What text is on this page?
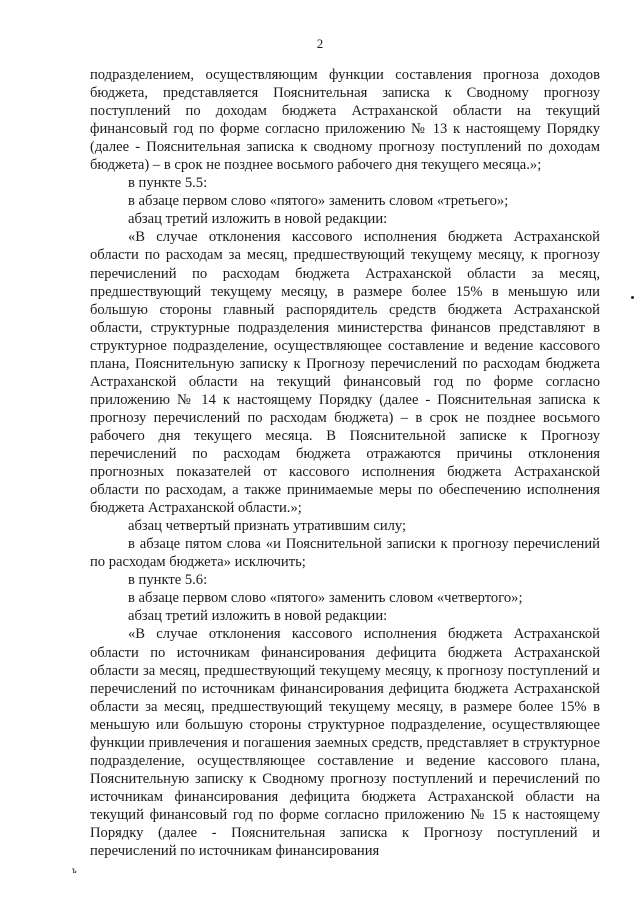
2

подразделением, осуществляющим функции составления прогноза доходов бюджета, представляется Пояснительная записка к Сводному прогнозу поступлений по доходам бюджета Астраханской области на текущий финансовый год по форме согласно приложению № 13 к настоящему Порядку (далее - Пояснительная записка к сводному прогнозу поступлений по доходам бюджета) – в срок не позднее восьмого рабочего дня текущего месяца.»;

в пункте 5.5:

в абзаце первом слово «пятого» заменить словом «третьего»;

абзац третий изложить в новой редакции:

«В случае отклонения кассового исполнения бюджета Астраханской области по расходам за месяц, предшествующий текущему месяцу, к прогнозу перечислений по расходам бюджета Астраханской области за месяц, предшествующий текущему месяцу, в размере более 15% в меньшую или большую стороны главный распорядитель средств бюджета Астраханской области, структурные подразделения министерства финансов представляют в структурное подразделение, осуществляющее составление и ведение кассового плана, Пояснительную записку к Прогнозу перечислений по расходам бюджета Астраханской области на текущий финансовый год по форме согласно приложению № 14 к настоящему Порядку (далее - Пояснительная записка к прогнозу перечислений по расходам бюджета) – в срок не позднее восьмого рабочего дня текущего месяца. В Пояснительной записке к Прогнозу перечислений по расходам бюджета отражаются причины отклонения прогнозных показателей от кассового исполнения бюджета Астраханской области по расходам, а также принимаемые меры по обеспечению исполнения бюджета Астраханской области.»;

абзац четвертый признать утратившим силу;

в абзаце пятом слова «и Пояснительной записки к прогнозу перечислений по расходам бюджета» исключить;

в пункте 5.6:

в абзаце первом слово «пятого» заменить словом «четвертого»;

абзац третий изложить в новой редакции:

«В случае отклонения кассового исполнения бюджета Астраханской области по источникам финансирования дефицита бюджета Астраханской области за месяц, предшествующий текущему месяцу, к прогнозу поступлений и перечислений по источникам финансирования дефицита бюджета Астраханской области за месяц, предшествующий текущему месяцу, в размере более 15% в меньшую или большую стороны структурное подразделение, осуществляющее функции привлечения и погашения заемных средств, представляет в структурное подразделение, осуществляющее составление и ведение кассового плана, Пояснительную записку к Сводному прогнозу поступлений и перечислений по источникам финансирования дефицита бюджета Астраханской области на текущий финансовый год по форме согласно приложению № 15 к настоящему Порядку (далее - Пояснительная записка к Прогнозу поступлений и перечислений по источникам финансирования

ъ
